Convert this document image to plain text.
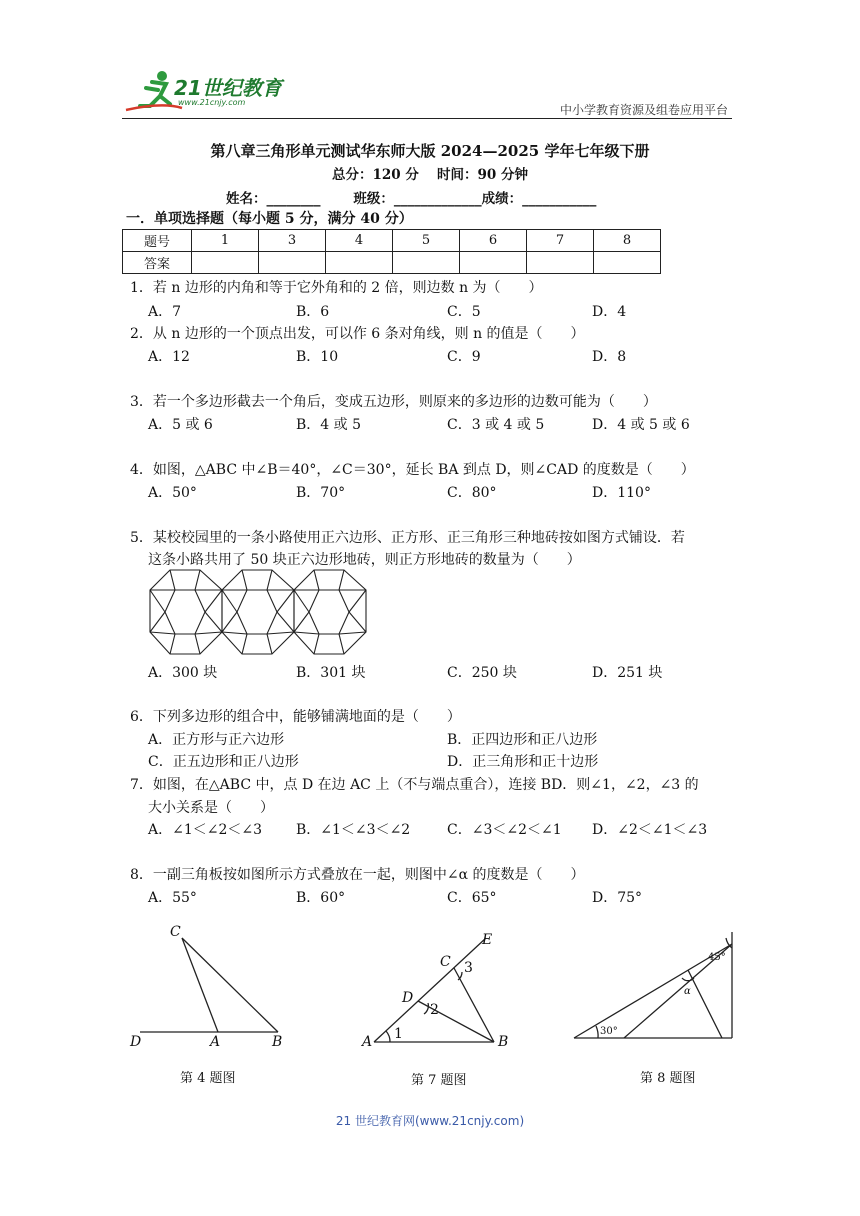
21世纪教育
www.21cnjy.com
中小学教育资源及组卷应用平台
第八章三角形单元测试华东师大版 2024—2025 学年七年级下册
总分：120 分　 时间：90 分钟
姓名：________ 班级：_____________成绩：___________
一．单项选择题（每小题 5 分，满分 40 分）
题号	1	3	4	5	6	7	8
答案							
1．若 n 边形的内角和等于它外角和的 2 倍，则边数 n 为（　　）
A．7	B．6	C．5	D．4
2．从 n 边形的一个顶点出发，可以作 6 条对角线，则 n 的值是（　　）
A．12	B．10	C．9	D．8
3．若一个多边形截去一个角后，变成五边形，则原来的多边形的边数可能为（　　）
A．5 或 6	B．4 或 5	C．3 或 4 或 5	D．4 或 5 或 6
4．如图，△ABC 中∠B＝40°，∠C＝30°，延长 BA 到点 D，则∠CAD 的度数是（　　）
A．50°	B．70°	C．80°	D．110°
5．某校校园里的一条小路使用正六边形、正方形、正三角形三种地砖按如图方式铺设．若
这条小路共用了 50 块正六边形地砖，则正方形地砖的数量为（　　）
A．300 块	B．301 块	C．250 块	D．251 块
6．下列多边形的组合中，能够铺满地面的是（　　）
A．正方形与正六边形	B．正四边形和正八边形
C．正五边形和正八边形	D．正三角形和正十边形
7．如图，在△ABC 中，点 D 在边 AC 上（不与端点重合），连接 BD．则∠1，∠2，∠3 的
大小关系是（　　）
A．∠1＜∠2＜∠3 B．∠1＜∠3＜∠2	C．∠3＜∠2＜∠1 D．∠2＜∠1＜∠3
8．一副三角板按如图所示方式叠放在一起，则图中∠α 的度数是（　　）
A．55°	B．60°	C．65°	D．75°
C
D	A	B
第 4 题图
E
C 3
D
2
A 1	B
第 7 题图
45°
α
30°
第 8 题图
21 世纪教育网(www.21cnjy.com)
